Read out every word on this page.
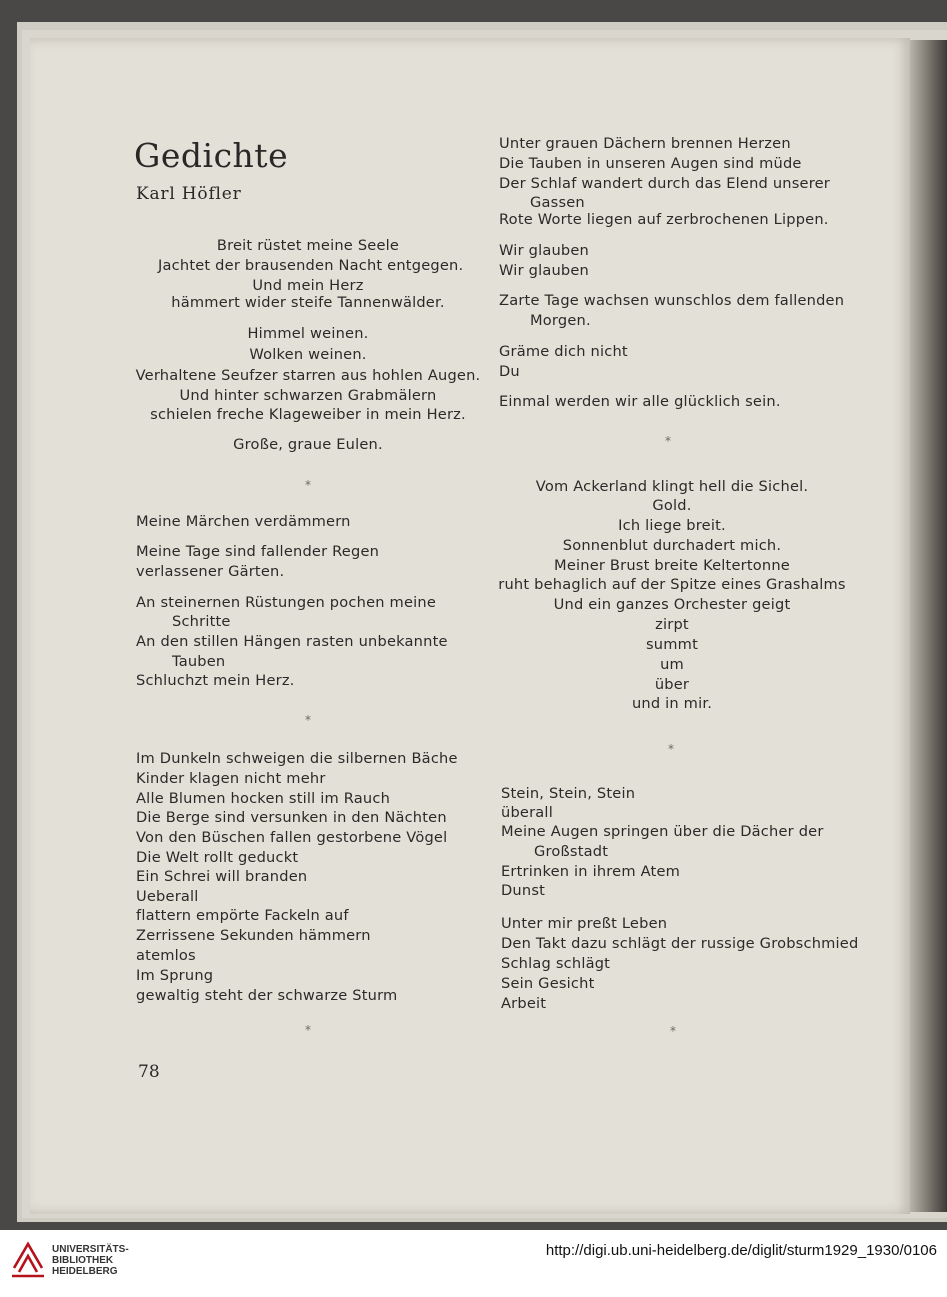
Gedichte
Karl Höfler
Breit rüstet meine Seele
Jachtet der brausenden Nacht entgegen.
Und mein Herz
hämmert wider steife Tannenwälder.
Himmel weinen.
Wolken weinen.
Verhaltene Seufzer starren aus hohlen Augen.
Und hinter schwarzen Grabmälern
schielen freche Klageweiber in mein Herz.
Große, graue Eulen.
*
Meine Märchen verdämmern
Meine Tage sind fallender Regen
verlassener Gärten.
An steinernen Rüstungen pochen meine
Schritte
An den stillen Hängen rasten unbekannte
Tauben
Schluchzt mein Herz.
*
Im Dunkeln schweigen die silbernen Bäche
Kinder klagen nicht mehr
Alle Blumen hocken still im Rauch
Die Berge sind versunken in den Nächten
Von den Büschen fallen gestorbene Vögel
Die Welt rollt geduckt
Ein Schrei will branden
Ueberall
flattern empörte Fackeln auf
Zerrissene Sekunden hämmern
atemlos
Im Sprung
gewaltig steht der schwarze Sturm
*
Unter grauen Dächern brennen Herzen
Die Tauben in unseren Augen sind müde
Der Schlaf wandert durch das Elend unserer
Gassen
Rote Worte liegen auf zerbrochenen Lippen.
Wir glauben
Wir glauben
Zarte Tage wachsen wunschlos dem fallenden
Morgen.
Gräme dich nicht
Du
Einmal werden wir alle glücklich sein.
*
Vom Ackerland klingt hell die Sichel.
Gold.
Ich liege breit.
Sonnenblut durchadert mich.
Meiner Brust breite Keltertonne
ruht behaglich auf der Spitze eines Grashalms
Und ein ganzes Orchester geigt
zirpt
summt
um
über
und in mir.
*
Stein, Stein, Stein
überall
Meine Augen springen über die Dächer der
Großstadt
Ertrinken in ihrem Atem
Dunst
Unter mir preßt Leben
Den Takt dazu schlägt der russige Grobschmied
Schlag schlägt
Sein Gesicht
Arbeit
*
78
UNIVERSITÄTS-
BIBLIOTHEK
HEIDELBERG
http://digi.ub.uni-heidelberg.de/diglit/sturm1929_1930/0106
